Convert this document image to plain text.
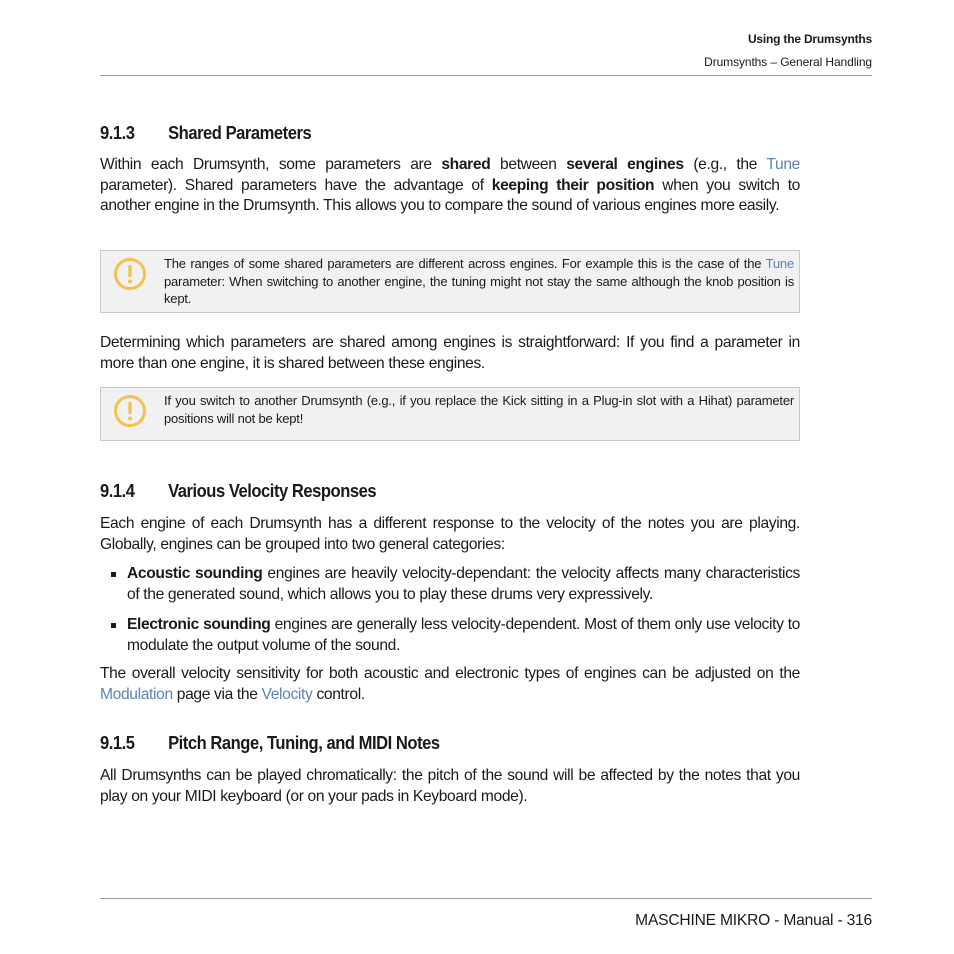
Using the Drumsynths
Drumsynths – General Handling
9.1.3 Shared Parameters

Within each Drumsynth, some parameters are shared between several engines (e.g., the Tune parameter). Shared parameters have the advantage of keeping their position when you switch to another engine in the Drumsynth. This allows you to compare the sound of various engines more easily.

The ranges of some shared parameters are different across engines. For example this is the case of the Tune parameter: When switching to another engine, the tuning might not stay the same although the knob position is kept.

Determining which parameters are shared among engines is straightforward: If you find a parameter in more than one engine, it is shared between these engines.

If you switch to another Drumsynth (e.g., if you replace the Kick sitting in a Plug-in slot with a Hihat) parameter positions will not be kept!
9.1.4 Various Velocity Responses

Each engine of each Drumsynth has a different response to the velocity of the notes you are playing. Globally, engines can be grouped into two general categories:

Acoustic sounding engines are heavily velocity-dependant: the velocity affects many characteristics of the generated sound, which allows you to play these drums very expressively.

Electronic sounding engines are generally less velocity-dependent. Most of them only use velocity to modulate the output volume of the sound.

The overall velocity sensitivity for both acoustic and electronic types of engines can be adjusted on the Modulation page via the Velocity control.

9.1.5 Pitch Range, Tuning, and MIDI Notes

All Drumsynths can be played chromatically: the pitch of the sound will be affected by the notes that you play on your MIDI keyboard (or on your pads in Keyboard mode).

MASCHINE MIKRO - Manual - 316
